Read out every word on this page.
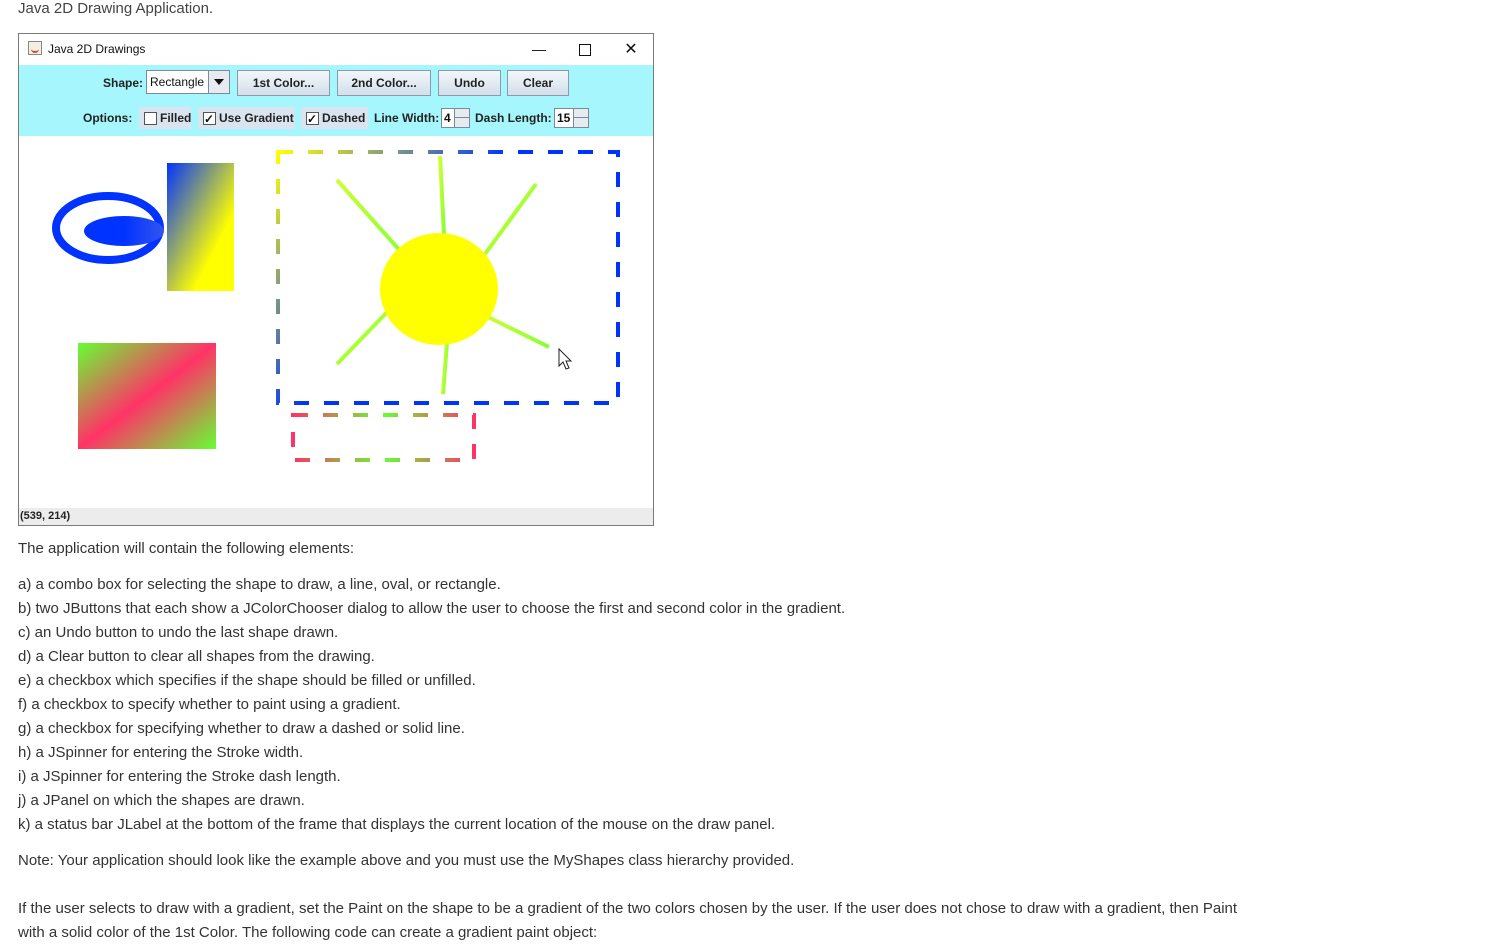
Java 2D Drawing Application.
Java 2D Drawings	—	✕
Shape: Rectangle	1st Color...	2nd Color...	Undo	Clear
Options: Filled ✓ Use Gradient ✓ Dashed Line Width: 4 Dash Length: 15
(539, 214)
The application will contain the following elements:
a) a combo box for selecting the shape to draw, a line, oval, or rectangle.
b) two JButtons that each show a JColorChooser dialog to allow the user to choose the first and second color in the gradient.
c) an Undo button to undo the last shape drawn.
d) a Clear button to clear all shapes from the drawing.
e) a checkbox which specifies if the shape should be filled or unfilled.
f) a checkbox to specify whether to paint using a gradient.
g) a checkbox for specifying whether to draw a dashed or solid line.
h) a JSpinner for entering the Stroke width.
i) a JSpinner for entering the Stroke dash length.
j) a JPanel on which the shapes are drawn.
k) a status bar JLabel at the bottom of the frame that displays the current location of the mouse on the draw panel.
Note: Your application should look like the example above and you must use the MyShapes class hierarchy provided.
If the user selects to draw with a gradient, set the Paint on the shape to be a gradient of the two colors chosen by the user. If the user does not chose to draw with a gradient, then Paint
with a solid color of the 1st Color. The following code can create a gradient paint object:
